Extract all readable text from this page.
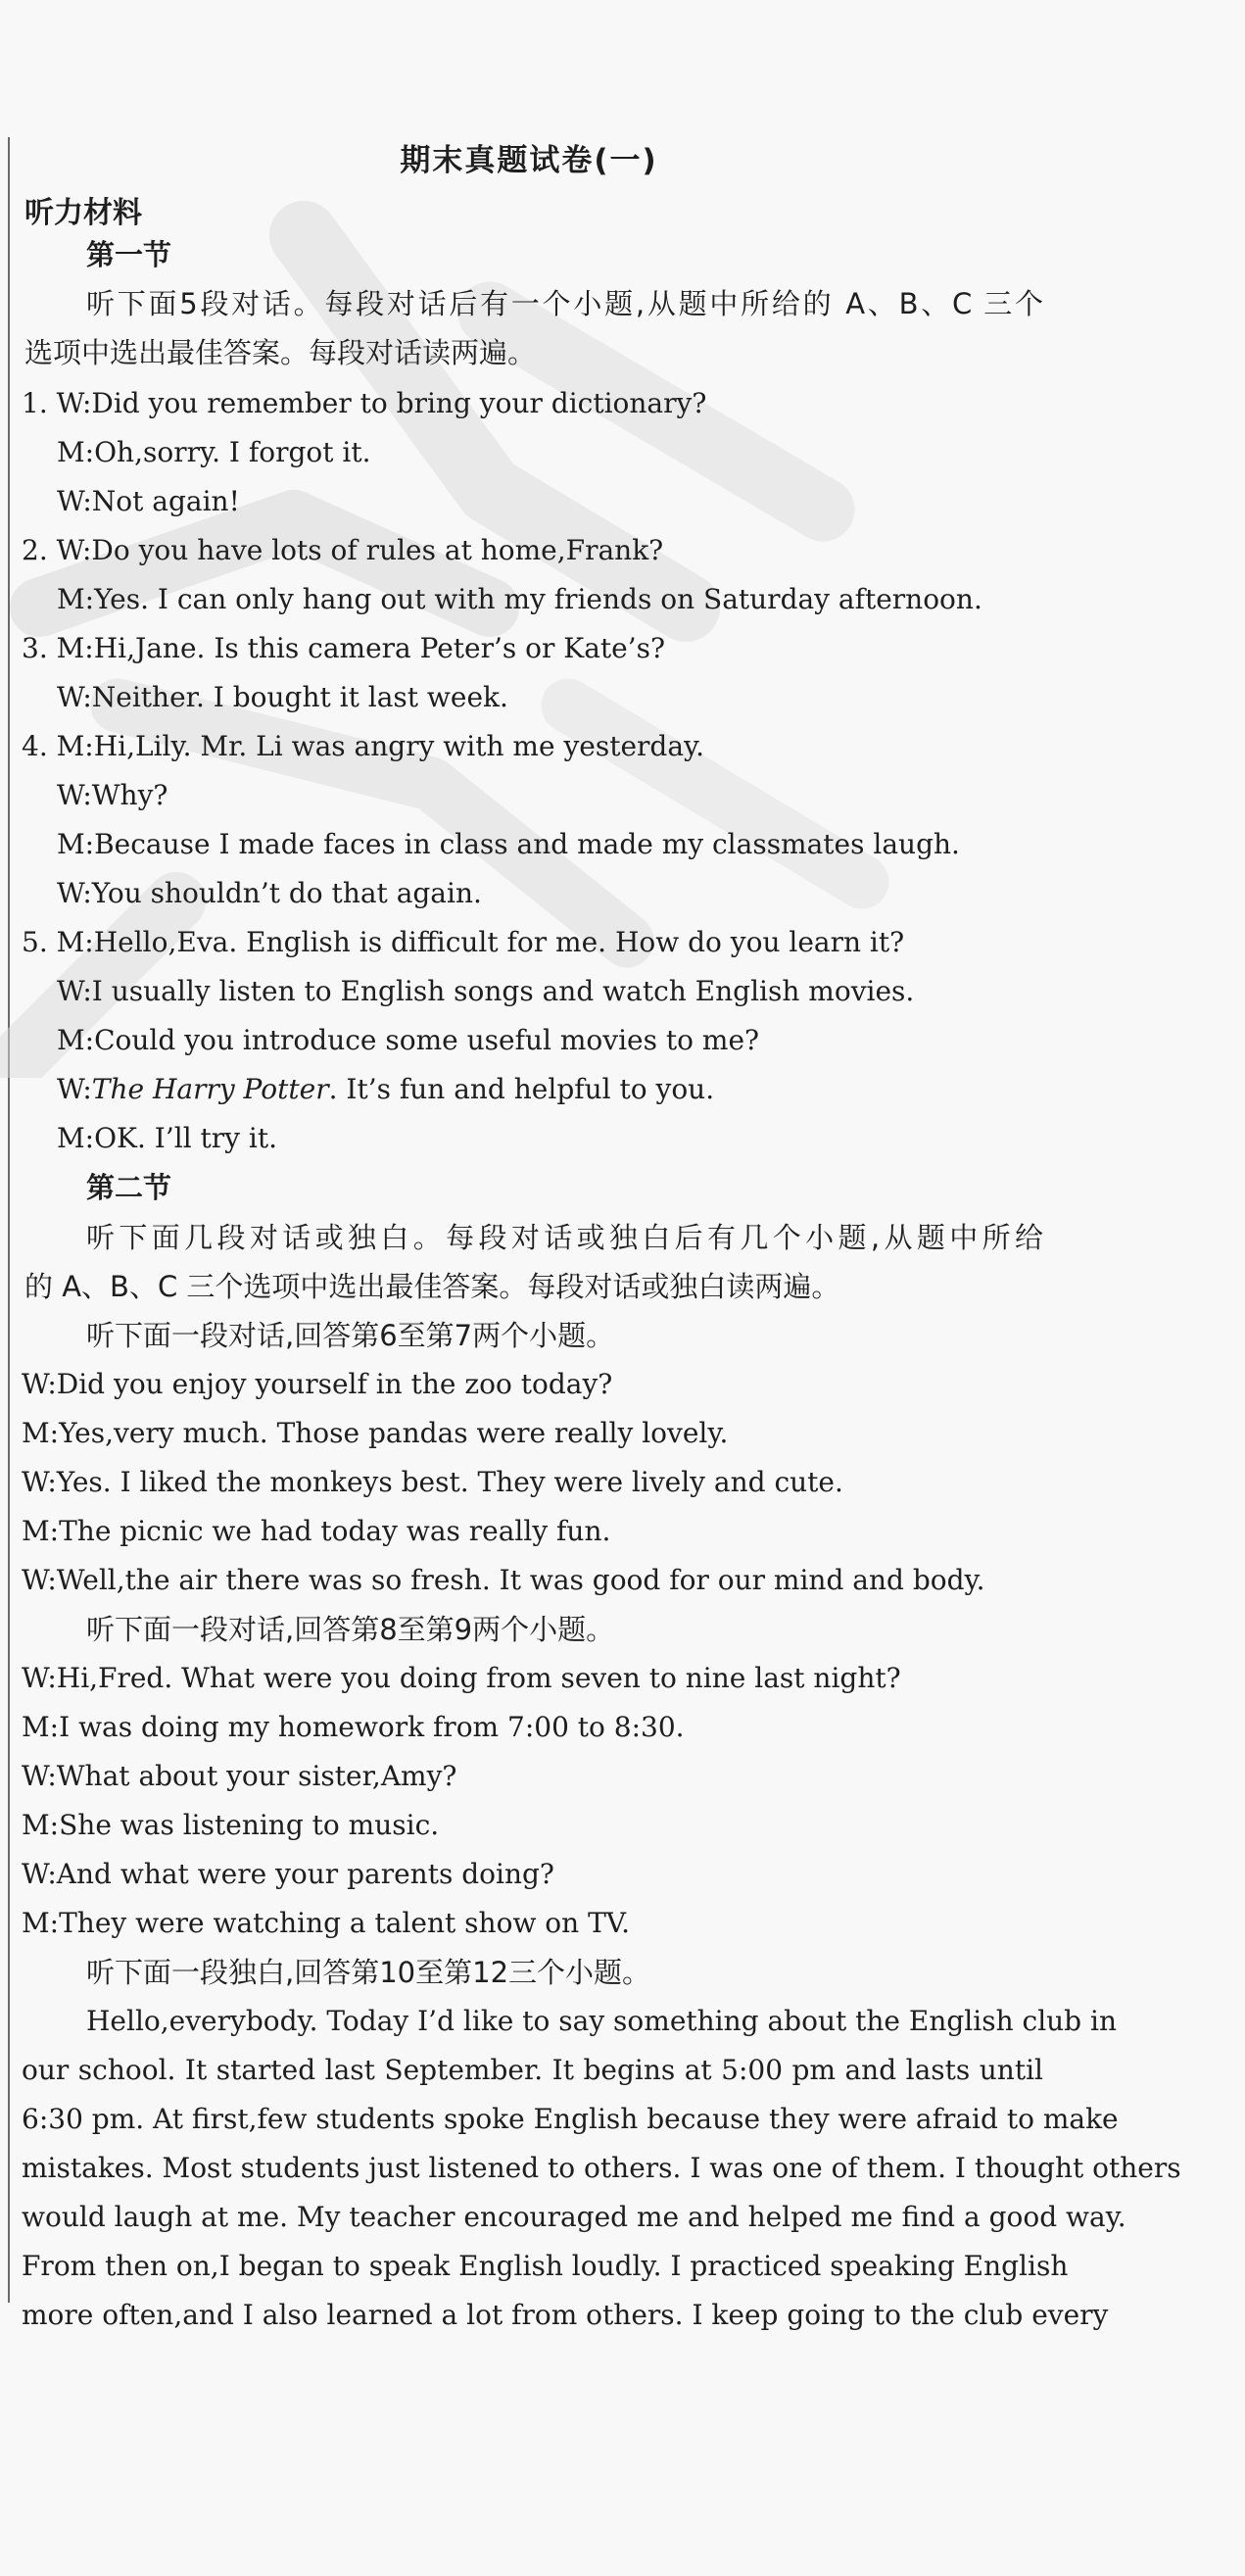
期末真题试卷(一)
听力材料
第一节
听下面5段对话。每段对话后有一个小题,从题中所给的 A、B、C 三个
选项中选出最佳答案。每段对话读两遍。
1. W:Did you remember to bring your dictionary?
M:Oh,sorry. I forgot it.
W:Not again!
2. W:Do you have lots of rules at home,Frank?
M:Yes. I can only hang out with my friends on Saturday afternoon.
3. M:Hi,Jane. Is this camera Peter’s or Kate’s?
W:Neither. I bought it last week.
4. M:Hi,Lily. Mr. Li was angry with me yesterday.
W:Why?
M:Because I made faces in class and made my classmates laugh.
W:You shouldn’t do that again.
5. M:Hello,Eva. English is difficult for me. How do you learn it?
W:I usually listen to English songs and watch English movies.
M:Could you introduce some useful movies to me?
W:The Harry Potter. It’s fun and helpful to you.
M:OK. I’ll try it.
第二节
听下面几段对话或独白。每段对话或独白后有几个小题,从题中所给
的 A、B、C 三个选项中选出最佳答案。每段对话或独白读两遍。
听下面一段对话,回答第6至第7两个小题。
W:Did you enjoy yourself in the zoo today?
M:Yes,very much. Those pandas were really lovely.
W:Yes. I liked the monkeys best. They were lively and cute.
M:The picnic we had today was really fun.
W:Well,the air there was so fresh. It was good for our mind and body.
听下面一段对话,回答第8至第9两个小题。
W:Hi,Fred. What were you doing from seven to nine last night?
M:I was doing my homework from 7:00 to 8:30.
W:What about your sister,Amy?
M:She was listening to music.
W:And what were your parents doing?
M:They were watching a talent show on TV.
听下面一段独白,回答第10至第12三个小题。
Hello,everybody. Today I’d like to say something about the English club in
our school. It started last September. It begins at 5:00 pm and lasts until
6:30 pm. At first,few students spoke English because they were afraid to make
mistakes. Most students just listened to others. I was one of them. I thought others
would laugh at me. My teacher encouraged me and helped me find a good way.
From then on,I began to speak English loudly. I practiced speaking English
more often,and I also learned a lot from others. I keep going to the club every
